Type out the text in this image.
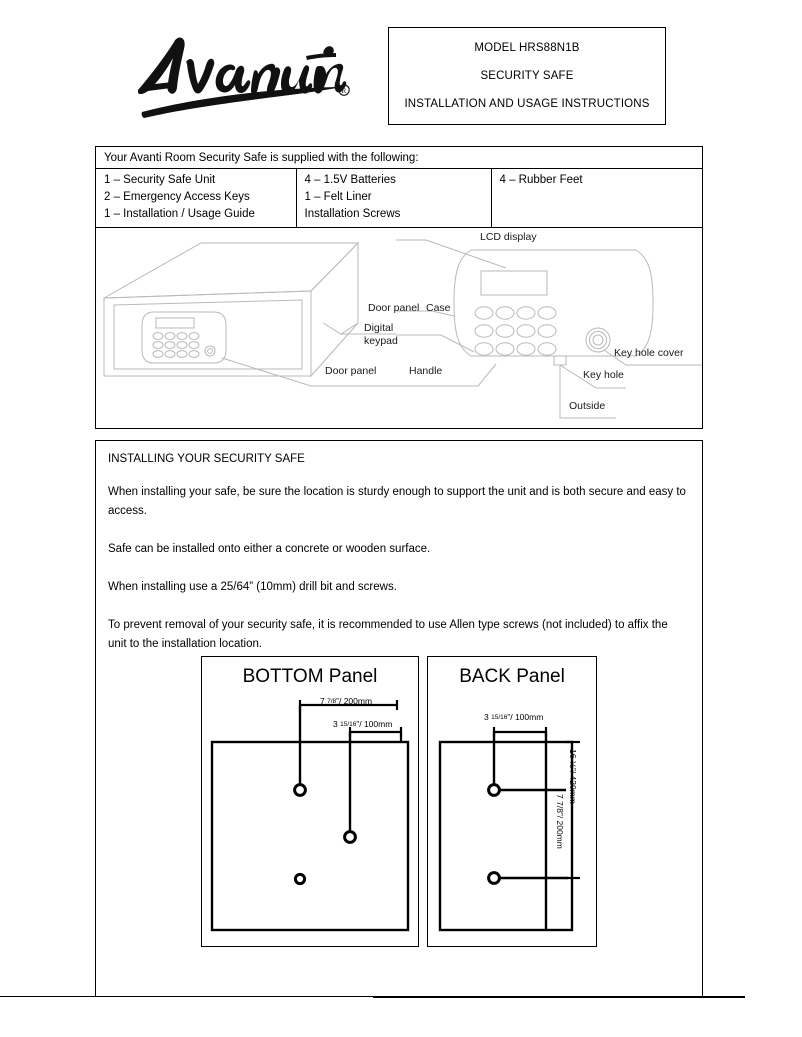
R
MODEL HRS88N1B
SECURITY SAFE
INSTALLATION AND USAGE INSTRUCTIONS
Your Avanti Room Security Safe is supplied with the following:
1 – Security Safe Unit
2 – Emergency Access Keys
1 – Installation / Usage Guide

4 – 1.5V Batteries
1 – Felt Liner
Installation Screws

4 – Rubber Feet
LCD display
Case
Door panel
Door panel
Digital
keypad
Handle
Key hole cover
Key hole
Outside
INSTALLING YOUR SECURITY SAFE

When installing your safe, be sure the location is sturdy enough to support the unit and is both secure and easy to access.

Safe can be installed onto either a concrete or wooden surface.

When installing use a 25/64” (10mm) drill bit and screws.

To prevent removal of your security safe, it is recommended to use Allen type screws (not included) to affix the unit to the installation location.

BOTTOM Panel
7 7/8”/ 200mm
3 15/16”/ 100mm
BACK Panel
3 15/16”/ 100mm
16 ½”/ 420mm
7 7/8”/ 200mm
